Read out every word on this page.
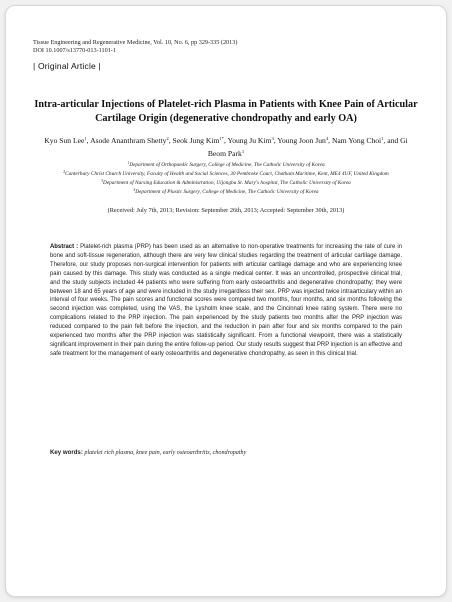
Tissue Engineering and Regenerative Medicine, Vol. 10, No. 6, pp 329-335 (2013)
DOI 10.1007/s13770-013-1101-1
| Original Article |
Intra-articular Injections of Platelet-rich Plasma in Patients with Knee Pain of Articular Cartilage Origin (degenerative chondropathy and early OA)
Kyo Sun Lee$^1$, Asode Ananthram Shetty$^2$, Seok Jung Kim$^{1*}$, Young Ju Kim$^3$, Young Joon Jun$^4$, Nam Yong Choi$^1$, and Gi Beom Park$^1$
$^1$Department of Orthopaedic Surgery, College of Medicine, The Catholic University of Korea
$^2$Canterbury Christ Church University, Faculty of Health and Social Sciences, 30 Pembroke Court, Chatham Maritime, Kent, ME4 4UF, United Kingdom
$^3$Department of Nursing Education & Administration, Uijongbu St. Mary's hospital, The Catholic University of Korea
$^4$Department of Plastic Surgery, College of Medicine, The Catholic University of Korea
(Received: July 7th, 2013; Revision: September 26th, 2013; Accepted: September 30th, 2013)
Abstract : Platelet-rich plasma (PRP) has been used as an alternative to non-operative treatments for increasing the rate of cure in bone and soft-tissue regeneration, although there are very few clinical studies regarding the treatment of articular cartilage damage. Therefore, our study proposes non-surgical intervention for patients with articular cartilage damage and who are experiencing knee pain caused by this damage. This study was conducted as a single medical center. It was an uncontrolled, prospective clinical trial, and the study subjects included 44 patients who were suffering from early osteoarthritis and degenerative chondropathy; they were between 18 and 65 years of age and were included in the study irregardless their sex. PRP was injected twice intraarticulary within an interval of four weeks. The pain scores and functional scores were compared two months, four months, and six months following the second injection was completed, using the VAS, the Lysholm knee scale, and the Cincinnati knee rating system. There were no complications related to the PRP injection. The pain experienced by the study patients two months after the PRP injection was reduced compared to the pain felt before the injection, and the reduction in pain after four and six months compared to the pain experienced two months after the PRP injection was statistically significant. From a functional viewpoint, there was a statistically significant improvement in their pain during the entire follow-up period. Our study results suggest that PRP injection is an effective and safe treatment for the management of early osteoarthritis and degenerative chondropathy, as seen in this clinical trial.
Key words: platelet rich plasma, knee pain, early osteoarthritis, chondropathy
